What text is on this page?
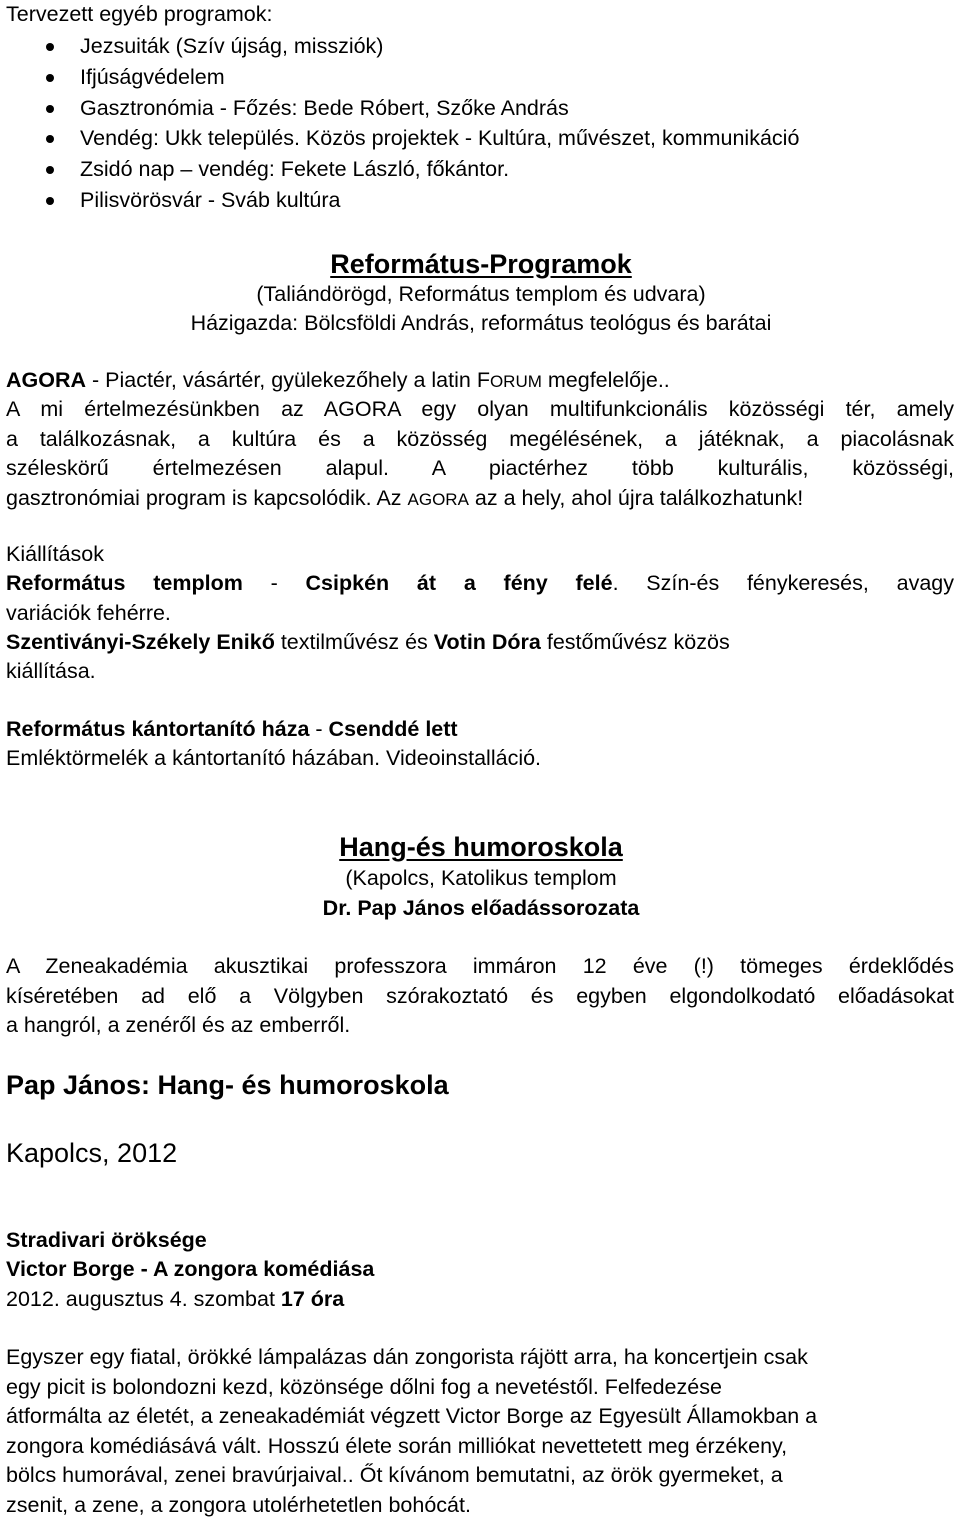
Tervezett egyéb programok:
Jezsuiták (Szív újság, missziók)
Ifjúságvédelem
Gasztronómia - Főzés: Bede Róbert, Szőke András
Vendég: Ukk település. Közös projektek - Kultúra, művészet, kommunikáció
Zsidó nap – vendég: Fekete László, főkántor.
Pilisvörösvár - Sváb kultúra
Református-Programok
(Taliándörögd, Református templom és udvara)
Házigazda: Bölcsföldi András, református teológus és barátai
AGORA - Piactér, vásártér, gyülekezőhely a latin FORUM megfelelője..
A mi értelmezésünkben az AGORA egy olyan multifunkcionális közösségi tér, amely
a találkozásnak, a kultúra és a közösség megélésének, a játéknak, a piacolásnak
széleskörű értelmezésen alapul. A piactérhez több kulturális, közösségi,
gasztronómiai program is kapcsolódik. Az AGORA az a hely, ahol újra találkozhatunk!
Kiállítások
Református templom - Csipkén át a fény felé. Szín-és fénykeresés, avagy
variációk fehérre.
Szentiványi-Székely Enikő textilművész és Votin Dóra festőművész közös
kiállítása.
Református kántortanító háza - Csenddé lett
Emléktörmelék a kántortanító házában. Videoinstalláció.
Hang-és humoroskola
(Kapolcs, Katolikus templom
Dr. Pap János előadássorozata
A Zeneakadémia akusztikai professzora immáron 12 éve (!) tömeges érdeklődés
kíséretében ad elő a Völgyben szórakoztató és egyben elgondolkodató előadásokat
a hangról, a zenéről és az emberről.
Pap János: Hang- és humoroskola
Kapolcs, 2012
Stradivari öröksége
Victor Borge - A zongora komédiása
2012. augusztus 4. szombat 17 óra
Egyszer egy fiatal, örökké lámpalázas dán zongorista rájött arra, ha koncertjein csak
egy picit is bolondozni kezd, közönsége dőlni fog a nevetéstől. Felfedezése
átformálta az életét, a zeneakadémiát végzett Victor Borge az Egyesült Államokban a
zongora komédiásává vált. Hosszú élete során milliókat nevettetett meg érzékeny,
bölcs humorával, zenei bravúrjaival.. Őt kívánom bemutatni, az örök gyermeket, a
zsenit, a zene, a zongora utolérhetetlen bohócát.
